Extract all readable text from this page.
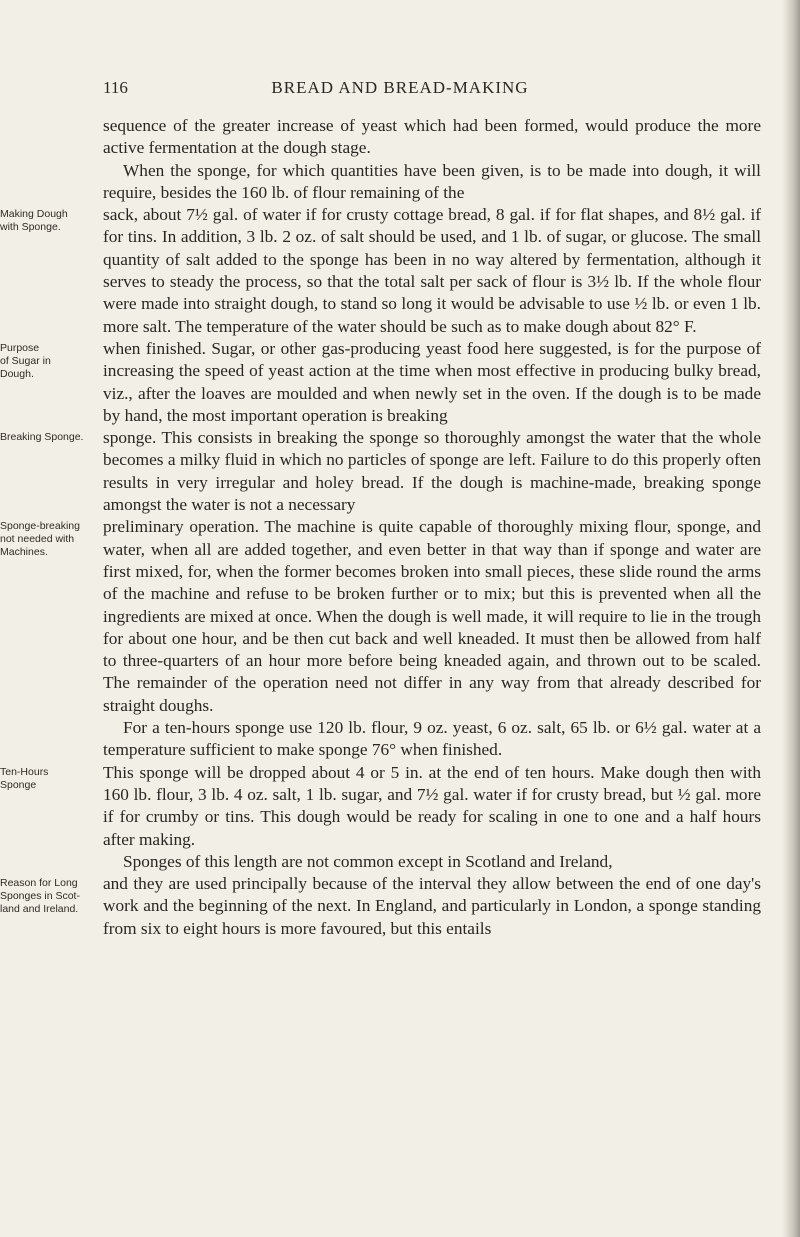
116	BREAD AND BREAD-MAKING

sequence of the greater increase of yeast which had been formed, would produce the more active fermentation at the dough stage.

When the sponge, for which quantities have been given, is to be made into dough, it will require, besides the 160 lb. of flour remaining of the

Making Dough
with Sponge.

sack, about 7½ gal. of water if for crusty cottage bread, 8 gal. if for flat shapes, and 8½ gal. if for tins. In addition, 3 lb. 2 oz. of salt should be used, and 1 lb. of sugar, or glucose. The small quantity of salt added to the sponge has been in no way altered by fermentation, although it serves to steady the process, so that the total salt per sack of flour is 3½ lb. If the whole flour were made into straight dough, to stand so long it would be advisable to use ½ lb. or even 1 lb. more salt. The temperature of the water should be such as to make dough about 82° F.

Purpose
of Sugar in
Dough.

when finished. Sugar, or other gas-producing yeast food here suggested, is for the purpose of increasing the speed of yeast action at the time when most effective in producing bulky bread, viz., after the loaves are moulded and when newly set in the oven. If the dough is to be made by hand, the most important operation is breaking

Breaking Sponge.	sponge. This consists in breaking the sponge so thoroughly amongst the water that the whole becomes a milky fluid in which no particles of sponge are left. Failure to do this properly often results in very irregular and holey bread. If the dough is machine-made, breaking sponge amongst the water is not a necessary

Sponge-breaking
not needed with
Machines.

preliminary operation. The machine is quite capable of thoroughly mixing flour, sponge, and water, when all are added together, and even better in that way than if sponge and water are first mixed, for, when the former becomes broken into small pieces, these slide round the arms of the machine and refuse to be broken further or to mix; but this is prevented when all the ingredients are mixed at once. When the dough is well made, it will require to lie in the trough for about one hour, and be then cut back and well kneaded. It must then be allowed from half to three-quarters of an hour more before being kneaded again, and thrown out to be scaled. The remainder of the operation need not differ in any way from that already described for straight doughs.

For a ten-hours sponge use 120 lb. flour, 9 oz. yeast, 6 oz. salt, 65 lb. or 6½ gal. water at a temperature sufficient to make sponge 76° when finished.

Ten-Hours
Sponge

This sponge will be dropped about 4 or 5 in. at the end of ten hours. Make dough then with 160 lb. flour, 3 lb. 4 oz. salt, 1 lb. sugar, and 7½ gal. water if for crusty bread, but ½ gal. more if for crumby or tins. This dough would be ready for scaling in one to one and a half hours after making.

Sponges of this length are not common except in Scotland and Ireland,

Reason for Long
Sponges in Scot-
land and Ireland.

and they are used principally because of the interval they allow between the end of one day's work and the beginning of the next. In England, and particularly in London, a sponge standing from six to eight hours is more favoured, but this entails
